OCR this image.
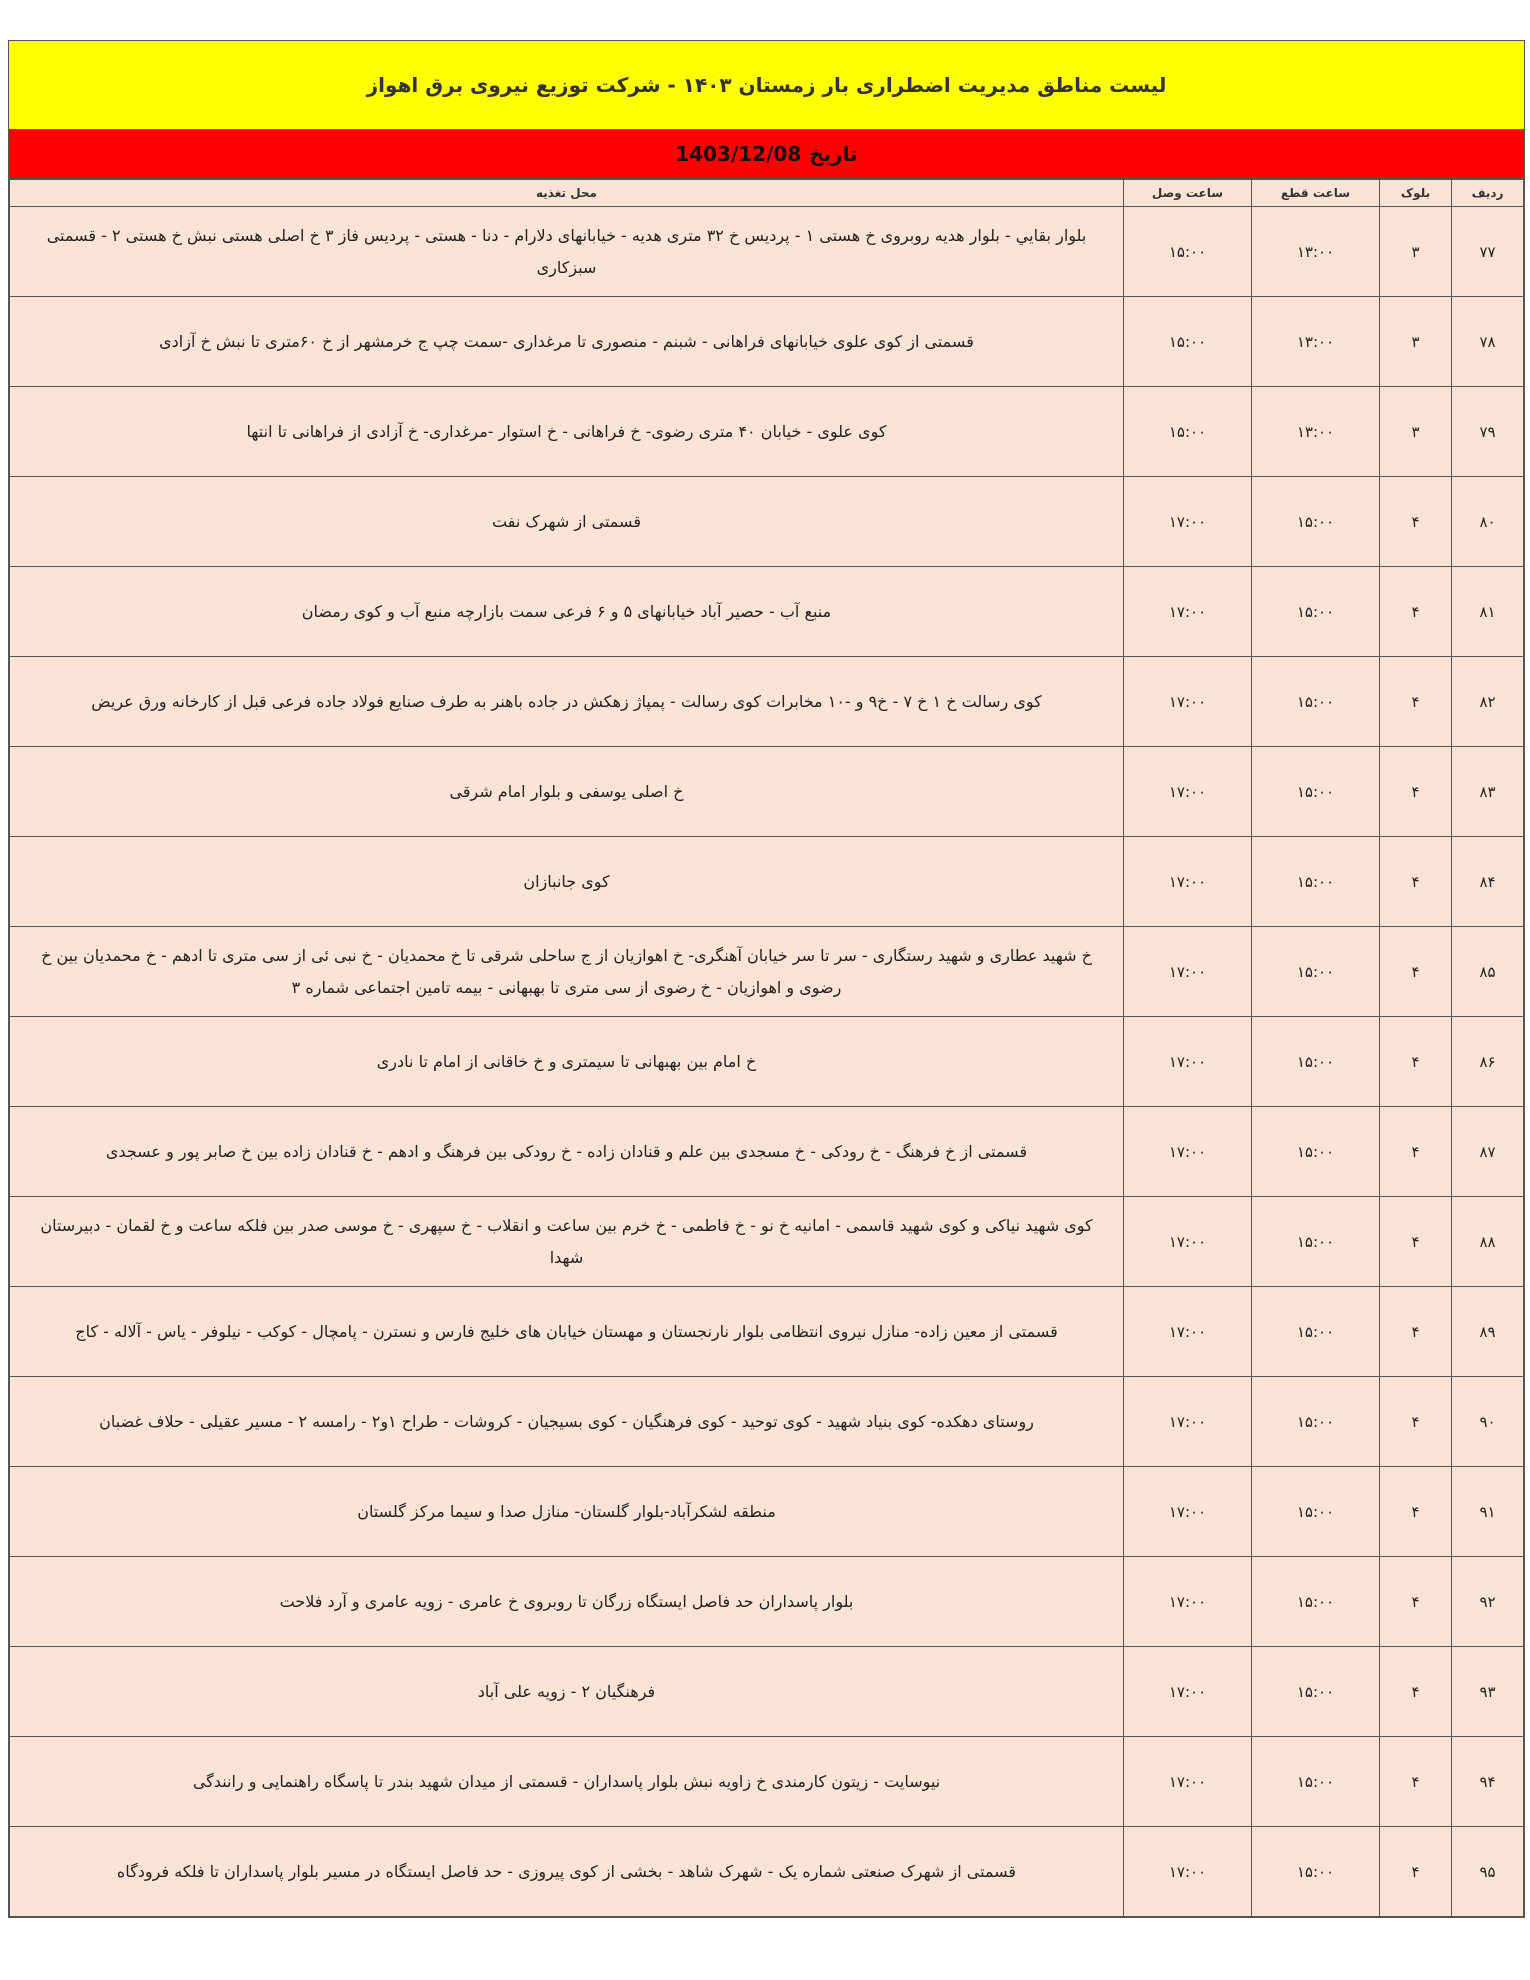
لیست مناطق مدیریت اضطراری بار زمستان ۱۴۰۳ - شرکت توزیع نیروی برق اهواز
تاریخ
1403/12/08
ردیف	بلوک	ساعت قطع	ساعت وصل	محل تغذیه
۷۷	۳	۱۳:۰۰	۱۵:۰۰	بلوار بقايي - بلوار هديه روبروی خ هستی ۱ - پردیس خ ۳۲ متری هدیه - خیابانهای دلارام - دنا - هستی - پردیس فاز ۳ خ اصلی هستی نبش خ هستی ۲ - قسمتی سبزکاری
۷۸	۳	۱۳:۰۰	۱۵:۰۰	قسمتی از کوی علوی خیابانهای فراهانی - شبنم - منصوری تا مرغداری -سمت چپ ج خرمشهر از خ ۶۰متری تا نبش خ آزادی
۷۹	۳	۱۳:۰۰	۱۵:۰۰	کوی علوی - خیابان ۴۰ متری رضوی- خ فراهانی - خ استوار -مرغداری- خ آزادی از فراهانی تا انتها
۸۰	۴	۱۵:۰۰	۱۷:۰۰	قسمتی از شهرک نفت
۸۱	۴	۱۵:۰۰	۱۷:۰۰	منبع آب - حصیر آباد خیابانهای ۵ و ۶ فرعی سمت بازارچه منبع آب و کوی رمضان
۸۲	۴	۱۵:۰۰	۱۷:۰۰	کوی رسالت خ ۱ خ ۷ - خ۹ و -۱۰ مخابرات کوی رسالت - پمپاژ زهکش در جاده باهنر به طرف صنایع فولاد جاده فرعی قبل از کارخانه ورق عریض
۸۳	۴	۱۵:۰۰	۱۷:۰۰	خ اصلی یوسفی و بلوار امام شرقی
۸۴	۴	۱۵:۰۰	۱۷:۰۰	کوی جانبازان
۸۵	۴	۱۵:۰۰	۱۷:۰۰	خ شهید عطاری و شهید رستگاری - سر تا سر خیابان آهنگری- خ اهوازیان از ج ساحلی شرقی تا خ محمدیان - خ نبی ئی از سی متری تا ادهم - خ محمدیان بین خ رضوی و اهوازیان - خ رضوی از سی متری تا بهبهانی - بیمه تامین اجتماعی شماره ۳
۸۶	۴	۱۵:۰۰	۱۷:۰۰	خ امام بین بهبهانی تا سیمتری و خ خاقانی از امام تا نادری
۸۷	۴	۱۵:۰۰	۱۷:۰۰	قسمتی از خ فرهنگ - خ رودکی - خ مسجدی بین علم و قنادان زاده - خ رودکی بین فرهنگ و ادهم - خ قنادان زاده بین خ صابر پور و عسجدی
۸۸	۴	۱۵:۰۰	۱۷:۰۰	کوی شهید نیاکی و کوی شهید قاسمی - امانیه خ نو - خ فاطمی - خ خرم بین ساعت و انقلاب - خ سپهری - خ موسی صدر بین فلکه ساعت و خ لقمان - دبیرستان شهدا
۸۹	۴	۱۵:۰۰	۱۷:۰۰	قسمتی از معین زاده- منازل نیروی انتظامی بلوار نارنجستان و مهستان خیابان های خلیج فارس و نسترن - پامچال - کوکب - نیلوفر - یاس - آلاله - کاج
۹۰	۴	۱۵:۰۰	۱۷:۰۰	روستای دهکده- کوی بنیاد شهید - کوی توحید - کوی فرهنگیان - کوی بسیجیان - کروشات - طراح ۱و۲ - رامسه ۲ - مسیر عقیلی - حلاف غضبان
۹۱	۴	۱۵:۰۰	۱۷:۰۰	منطقه لشکرآباد-بلوار گلستان- منازل صدا و سیما مرکز گلستان
۹۲	۴	۱۵:۰۰	۱۷:۰۰	بلوار پاسداران حد فاصل ایستگاه زرگان تا روبروی خ عامری - زویه عامری و آرد فلاحت
۹۳	۴	۱۵:۰۰	۱۷:۰۰	فرهنگیان ۲ - زویه علی آباد
۹۴	۴	۱۵:۰۰	۱۷:۰۰	نیوسایت - زیتون کارمندی خ زاویه نبش بلوار پاسداران - قسمتی از میدان شهید بندر تا پاسگاه راهنمایی و رانندگی
۹۵	۴	۱۵:۰۰	۱۷:۰۰	قسمتی از شهرک صنعتی شماره یک - شهرک شاهد - بخشی از کوی پیروزی - حد فاصل ایستگاه در مسیر بلوار پاسداران تا فلکه فرودگاه
